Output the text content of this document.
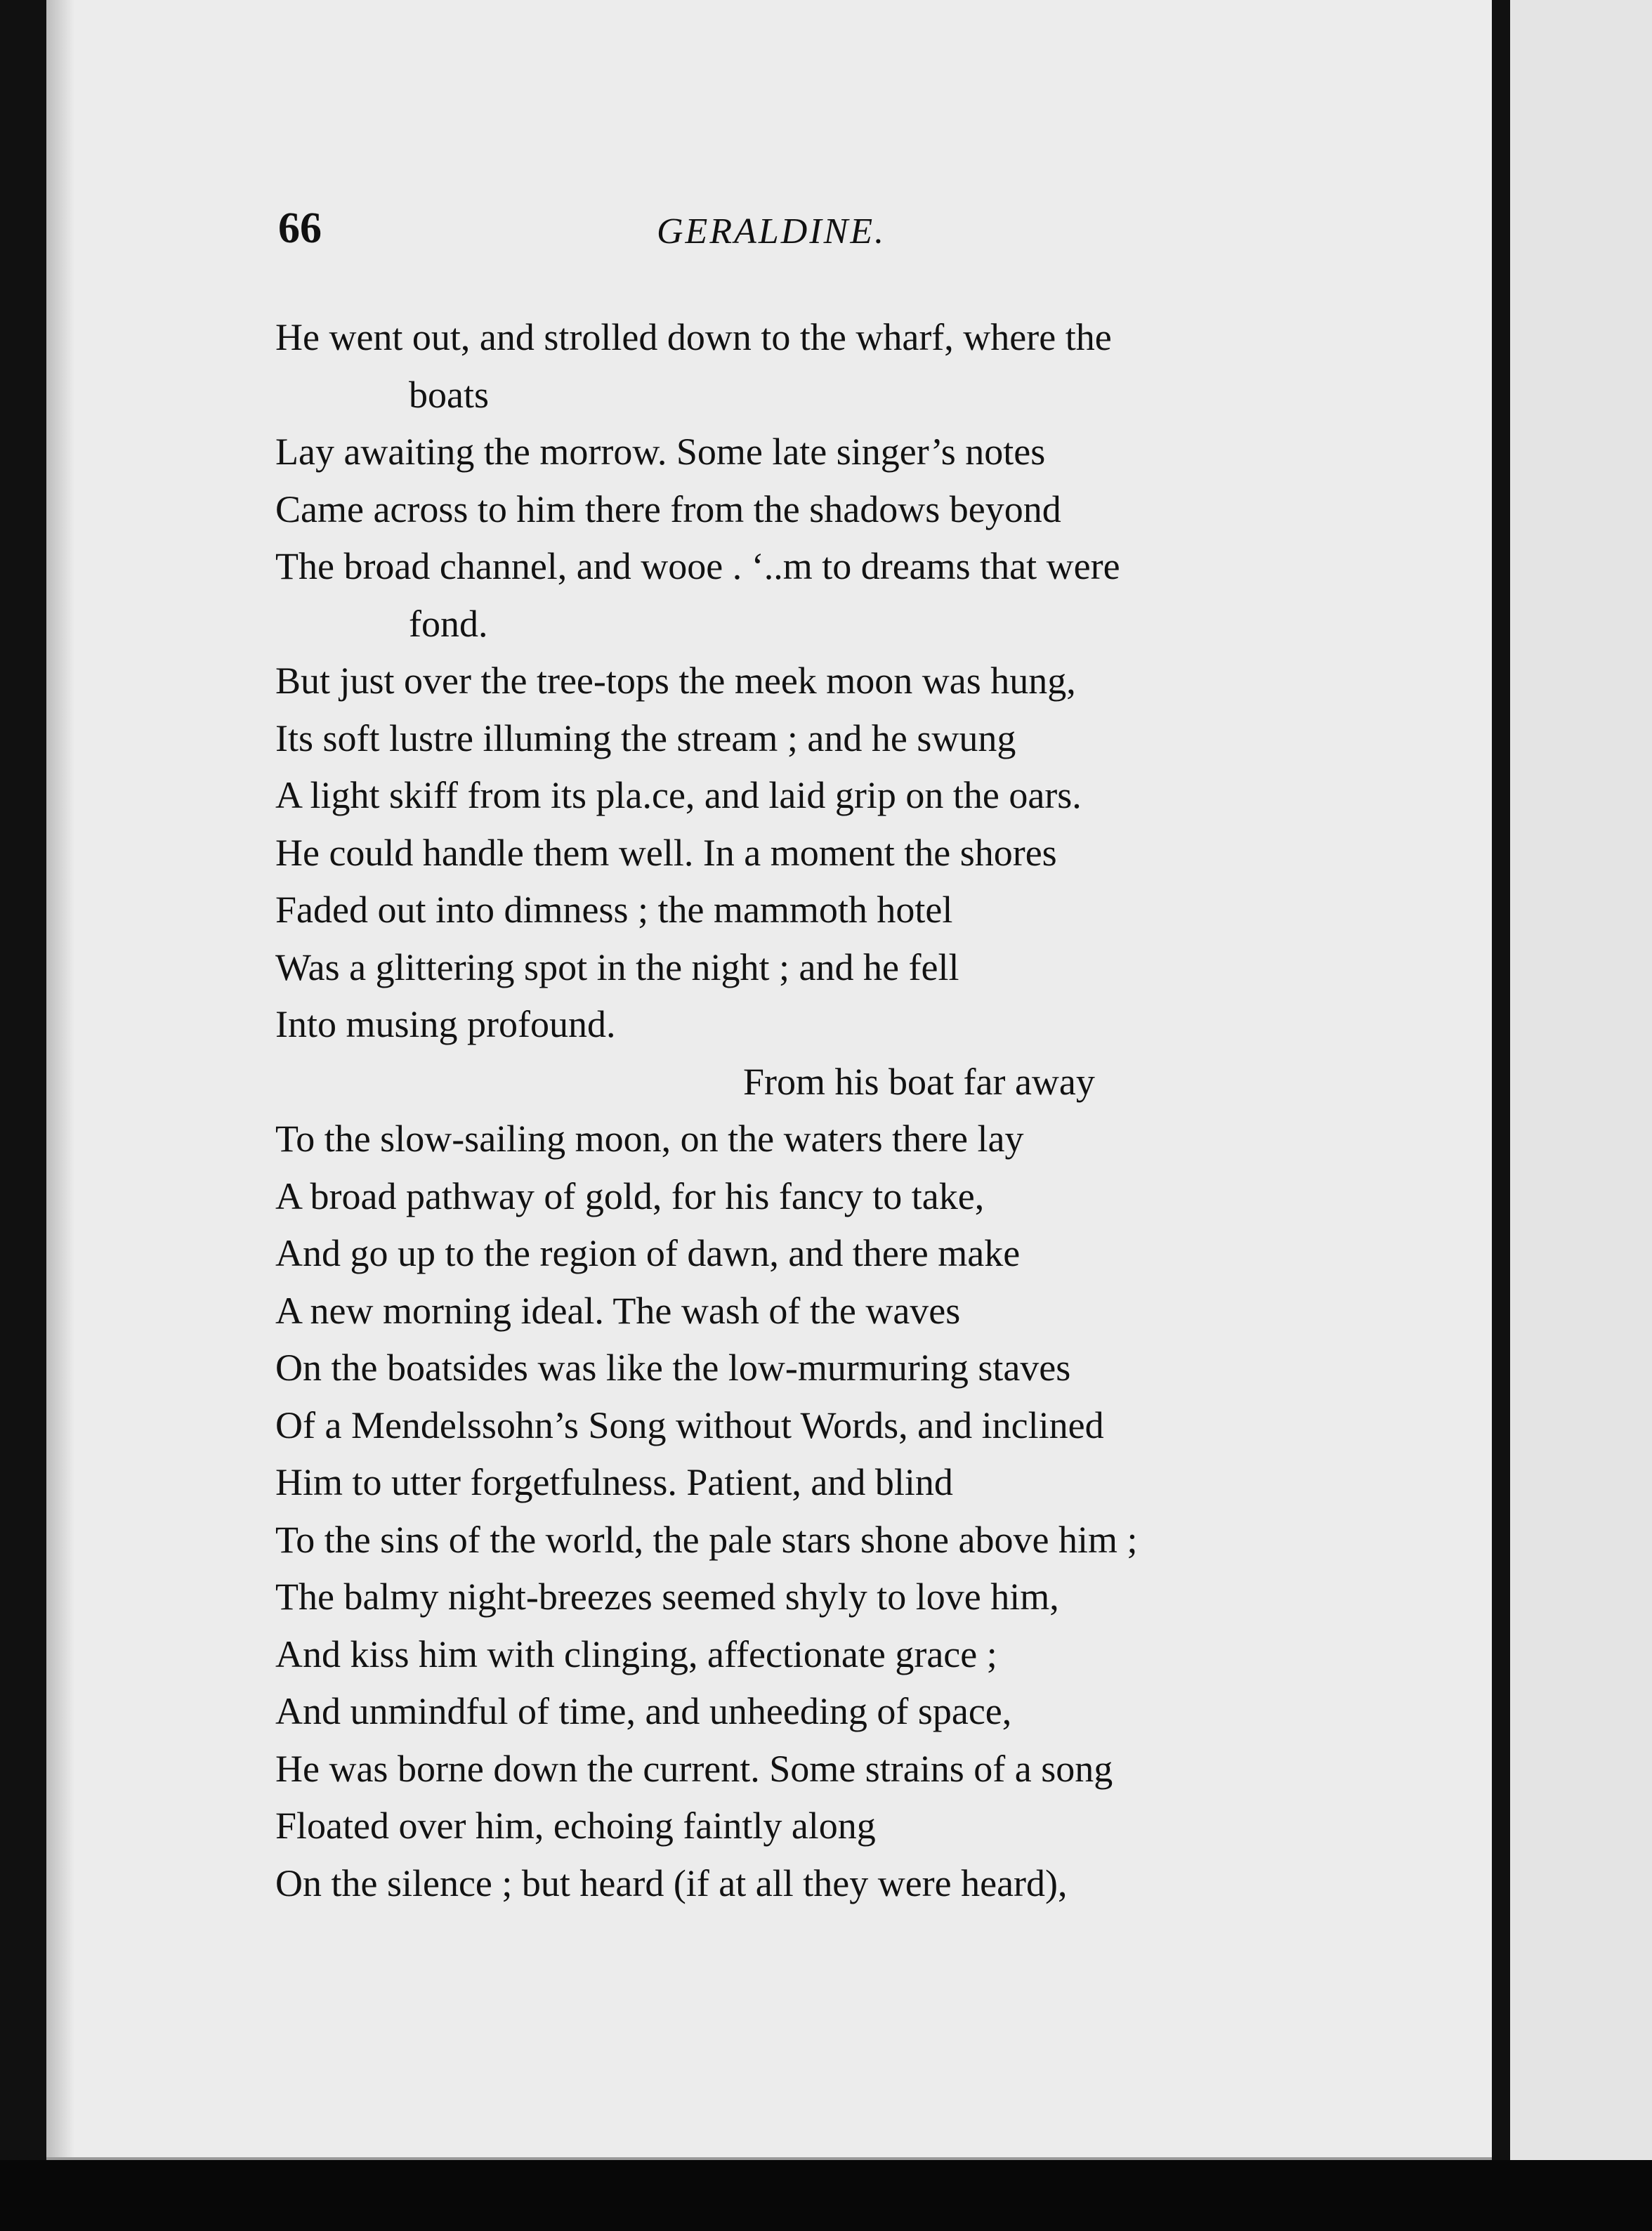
66	GERALDINE.
He went out, and strolled down to the wharf, where the
boats
Lay awaiting the morrow. Some late singer’s notes
Came across to him there from the shadows beyond
The broad channel, and wooe . ‘..m to dreams that were
fond.
But just over the tree-tops the meek moon was hung,
Its soft lustre illuming the stream ; and he swung
A light skiff from its pla.ce, and laid grip on the oars.
He could handle them well. In a moment the shores
Faded out into dimness ; the mammoth hotel
Was a glittering spot in the night ; and he fell
Into musing profound.
From his boat far away
To the slow-sailing moon, on the waters there lay
A broad pathway of gold, for his fancy to take,
And go up to the region of dawn, and there make
A new morning ideal. The wash of the waves
On the boatsides was like the low-murmuring staves
Of a Mendelssohn’s Song without Words, and inclined
Him to utter forgetfulness. Patient, and blind
To the sins of the world, the pale stars shone above him ;
The balmy night-breezes seemed shyly to love him,
And kiss him with clinging, affectionate grace ;
And unmindful of time, and unheeding of space,
He was borne down the current. Some strains of a song
Floated over him, echoing faintly along
On the silence ; but heard (if at all they were heard),
